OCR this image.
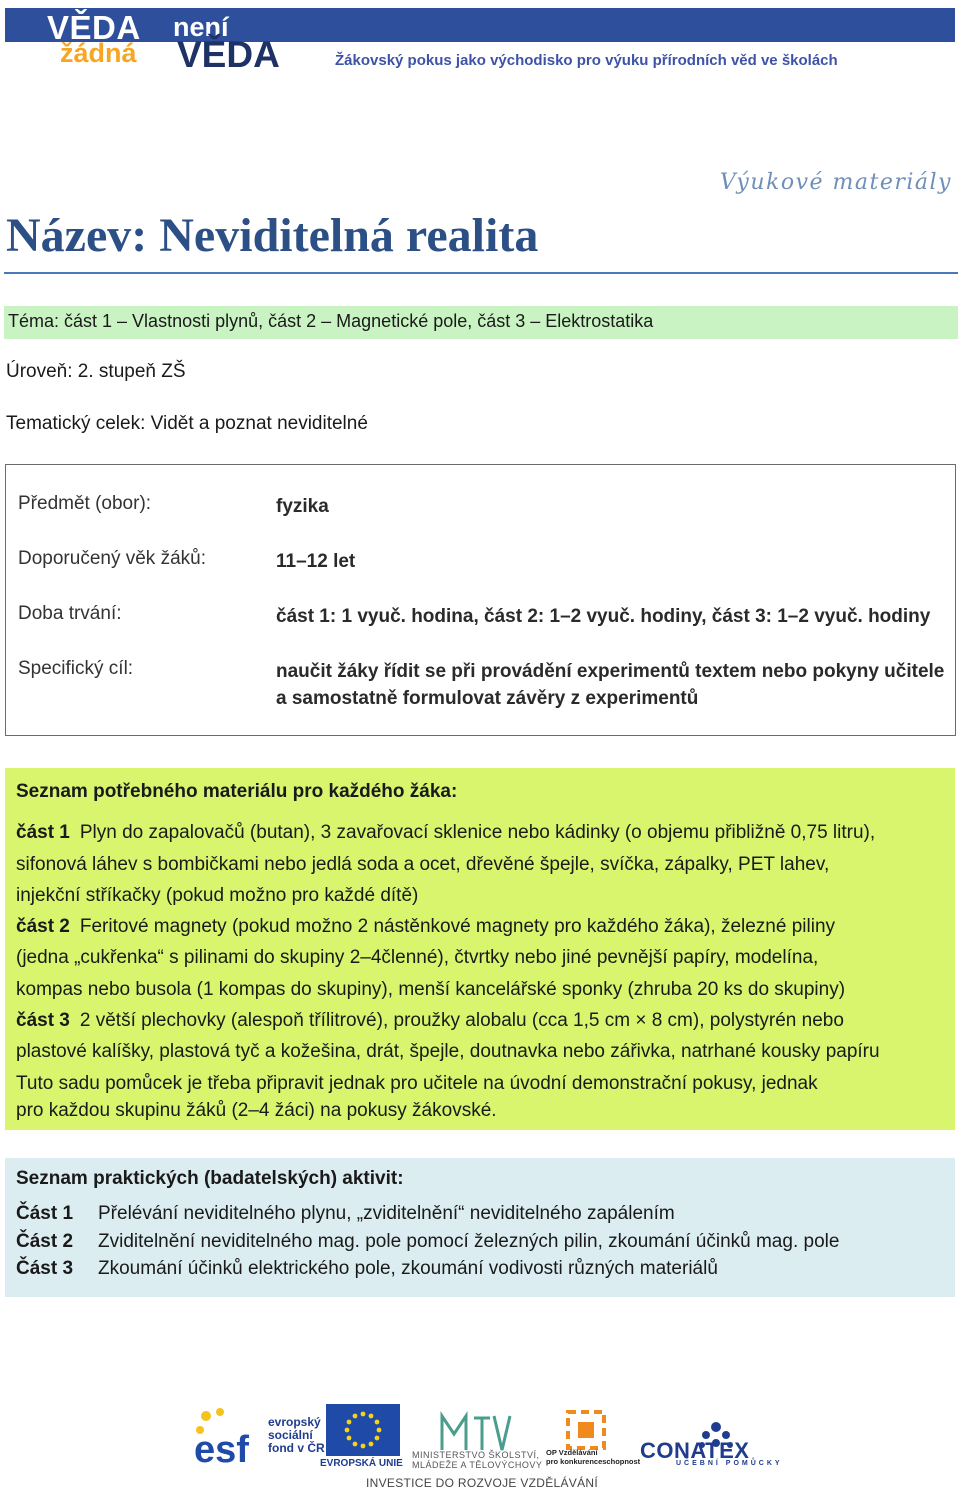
VĚDA není
žádná VĚDA	Žákovský pokus jako východisko pro výuku přírodních věd ve školách
Výukové materiály
Název: Neviditelná realita
Téma: část 1 – Vlastnosti plynů, část 2 – Magnetické pole, část 3 – Elektrostatika
Úroveň: 2. stupeň ZŠ
Tematický celek: Vidět a poznat neviditelné
Předmět (obor):	fyzika
Doporučený věk žáků:	11–12 let
Doba trvání:	část 1: 1 vyuč. hodina, část 2: 1–2 vyuč. hodiny, část 3: 1–2 vyuč. hodiny
Specifický cíl:	naučit žáky řídit se při provádění experimentů textem nebo pokyny učitele a samostatně formulovat závěry z experimentů
Seznam potřebného materiálu pro každého žáka:

část 1 Plyn do zapalovačů (butan), 3 zavařovací sklenice nebo kádinky (o objemu přibližně 0,75 litru),

sifonová láhev s bombičkami nebo jedlá soda a ocet, dřevěné špejle, svíčka, zápalky, PET lahev,

injekční stříkačky (pokud možno pro každé dítě)

část 2 Feritové magnety (pokud možno 2 nástěnkové magnety pro každého žáka), železné piliny

(jedna „cukřenka“ s pilinami do skupiny 2–4členné), čtvrtky nebo jiné pevnější papíry, modelína,

kompas nebo busola (1 kompas do skupiny), menší kancelářské sponky (zhruba 20 ks do skupiny)

část 3 2 větší plechovky (alespoň třílitrové), proužky alobalu (cca 1,5 cm × 8 cm), polystyrén nebo

plastové kalíšky, plastová tyč a kožešina, drát, špejle, doutnavka nebo zářivka, natrhané kousky papíru

Tuto sadu pomůcek je třeba připravit jednak pro učitele na úvodní demonstrační pokusy, jednak

pro každou skupinu žáků (2–4 žáci) na pokusy žákovské.

Seznam praktických (badatelských) aktivit:
Část 1	Přelévání neviditelného plynu, „zviditelnění“ neviditelného zapálením
Část 2	Zviditelnění neviditelného mag. pole pomocí železných pilin, zkoumání účinků mag. pole
Část 3	Zkoumání účinků elektrického pole, zkoumání vodivosti různých materiálů
esf
evropský
sociální
fond v ČR
EVROPSKÁ UNIE
MINISTERSTVO ŠKOLSTVÍ,
MLÁDEŽE A TĚLOVÝCHOVY
OP Vzdělávání
pro konkurenceschopnost CONATEX
UČEBNÍ POMŮCKY
INVESTICE DO ROZVOJE VZDĚLÁVÁNÍ
